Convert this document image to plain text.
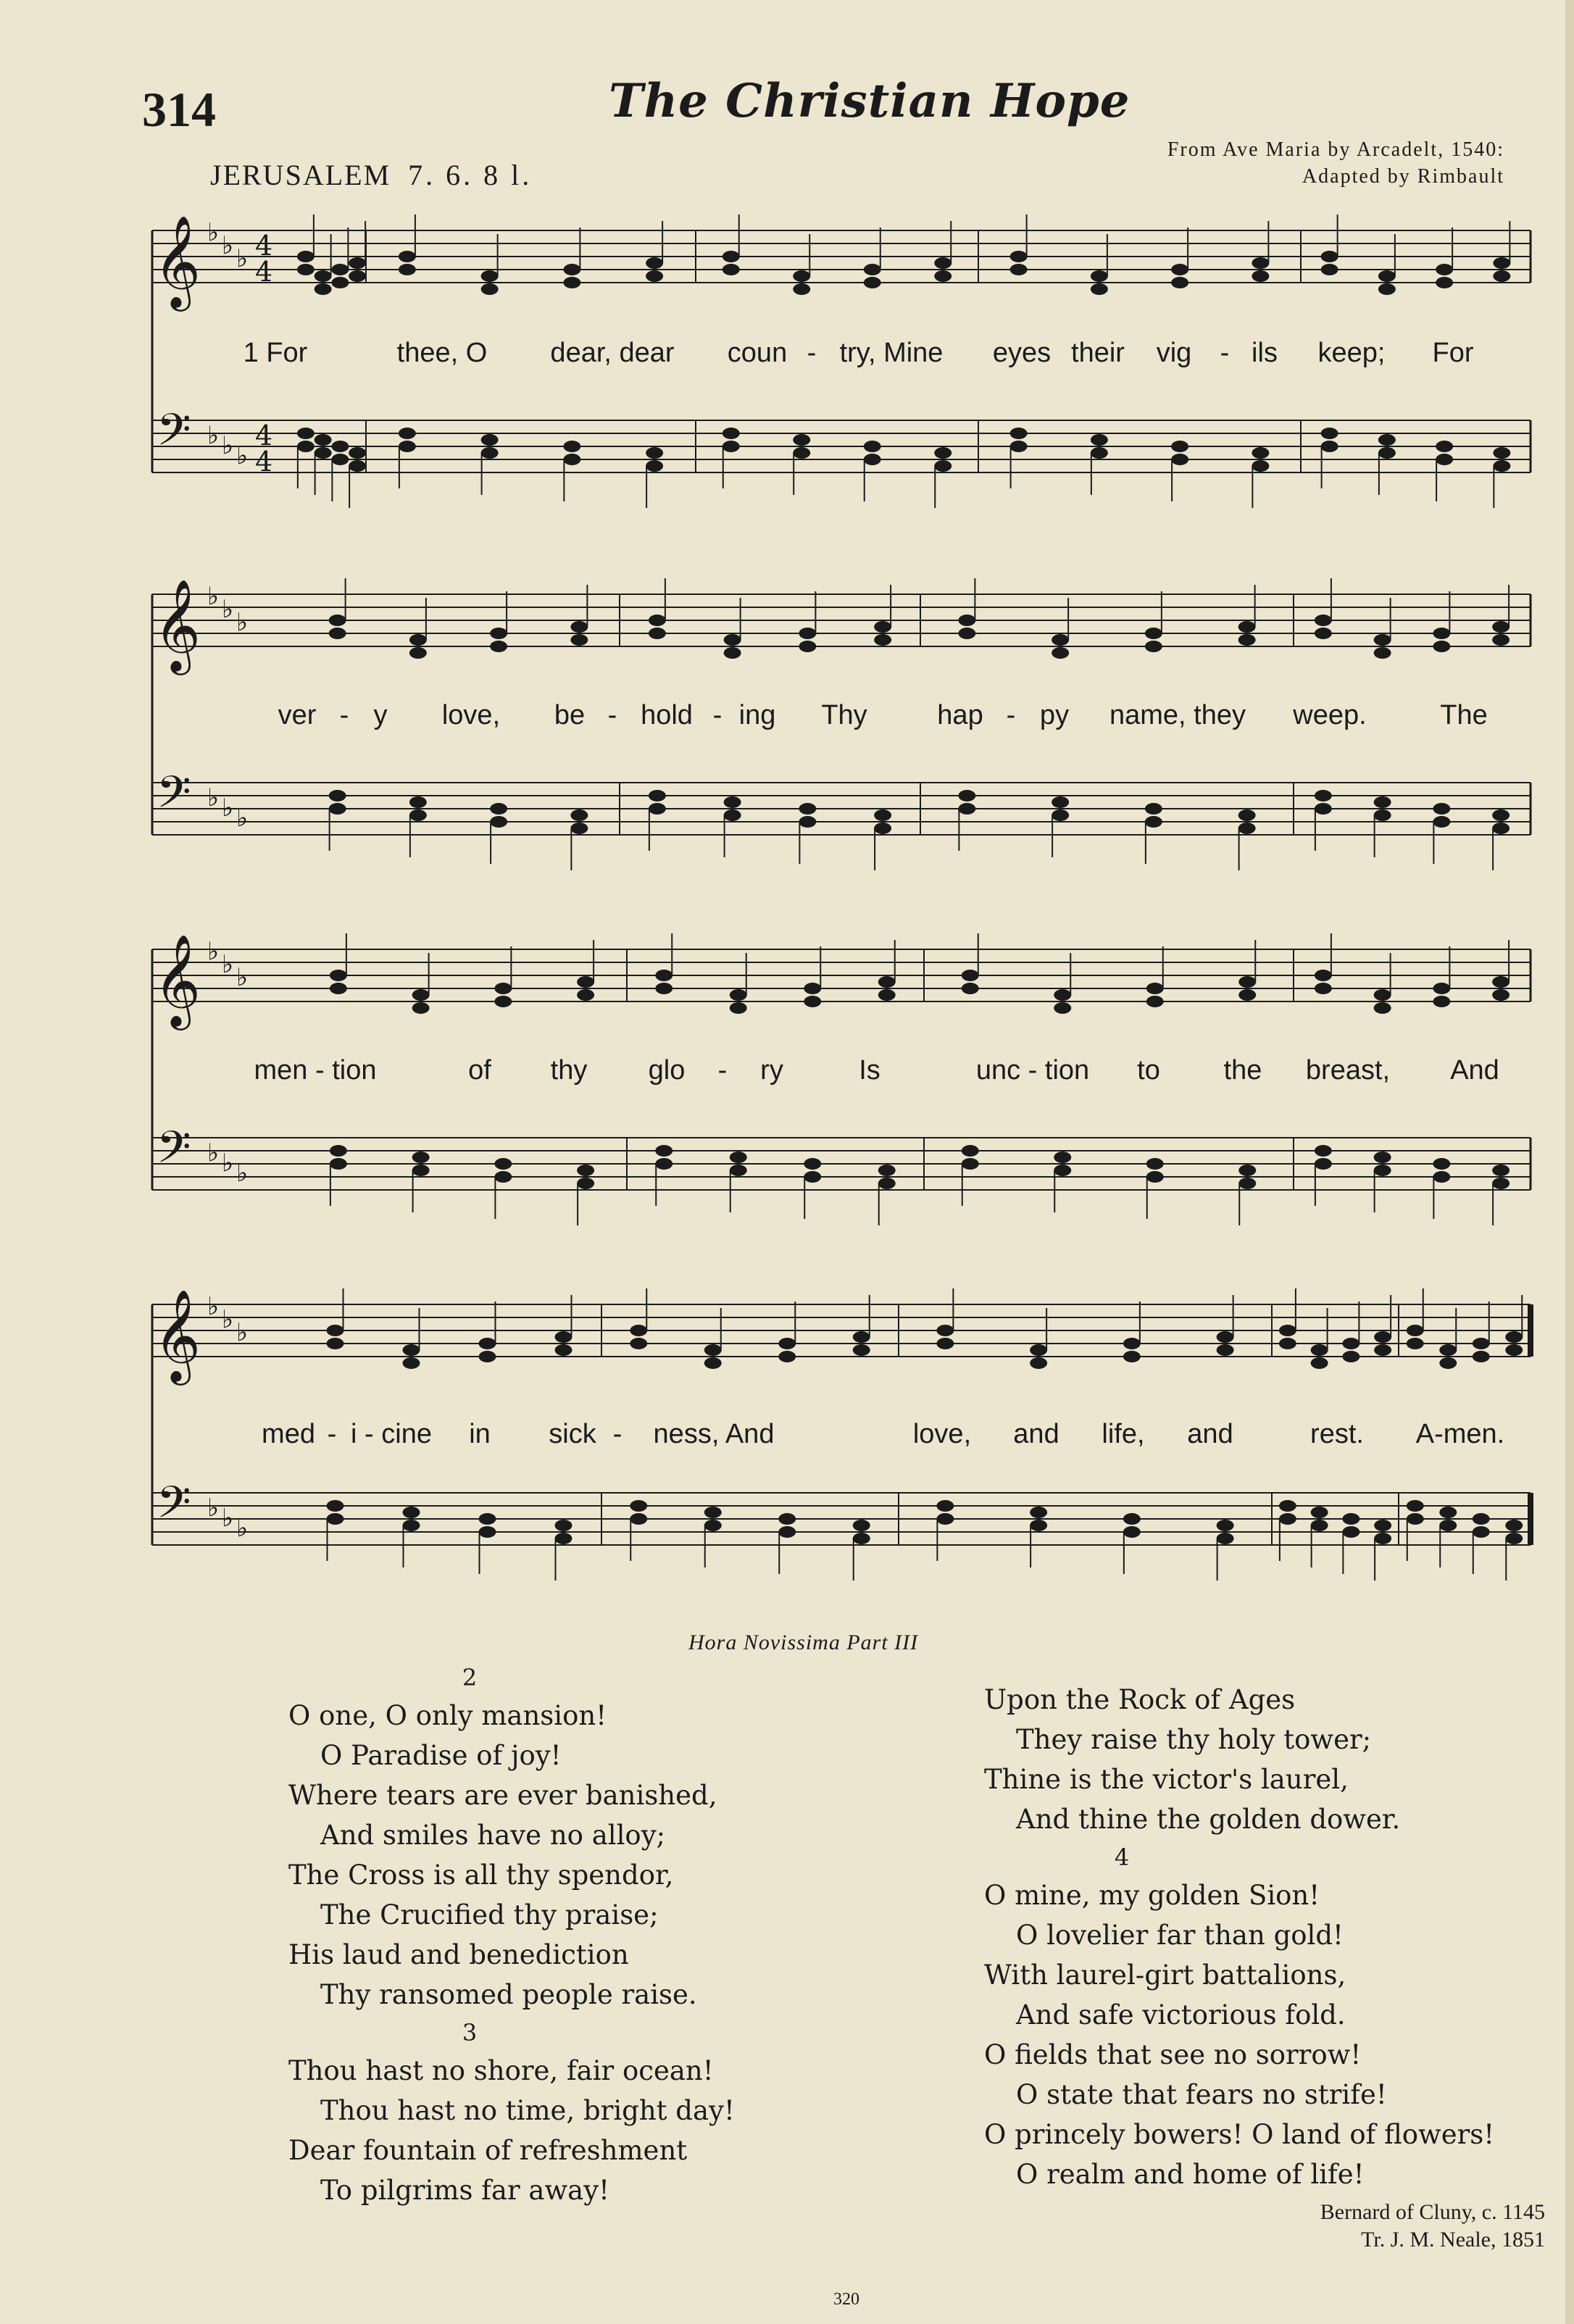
314	The Christian Hope
JERUSALEM 7. 6. 8 l.
From Ave Maria by Arcadelt, 1540:
Adapted by Rimbault
𝄞 ♭ ♭ ♭ 4
4
𝄢 ♭ ♭ ♭
4
4
𝄞 ♭ ♭ ♭
𝄢 ♭ ♭ ♭
𝄞 ♭ ♭ ♭
𝄢 ♭ ♭ ♭
𝄞 ♭ ♭ ♭
𝄢 ♭ ♭ ♭
1 For	thee, O dear, dear coun - try, Mine eyes their vig - ils keep; For
ver - y love, be - hold - ing Thy	hap - py name, they weep.	The
men - tion	of thy glo - ry	Is	unc - tion to the breast, And
med - i - cine in sick - ness, And	love, and life, and	rest. A-men.
Hora Novissima Part III
2
O one, O only mansion!
O Paradise of joy!
Where tears are ever banished,
And smiles have no alloy;
The Cross is all thy spendor,
The Crucified thy praise;
His laud and benediction
Thy ransomed people raise.
3
Thou hast no shore, fair ocean!
Thou hast no time, bright day!
Dear fountain of refreshment
To pilgrims far away!
Upon the Rock of Ages
They raise thy holy tower;
Thine is the victor's laurel,
And thine the golden dower.
4
O mine, my golden Sion!
O lovelier far than gold!
With laurel-girt battalions,
And safe victorious fold.
O fields that see no sorrow!
O state that fears no strife!
O princely bowers! O land of flowers!
O realm and home of life!
Bernard of Cluny, c. 1145
Tr. J. M. Neale, 1851
320
